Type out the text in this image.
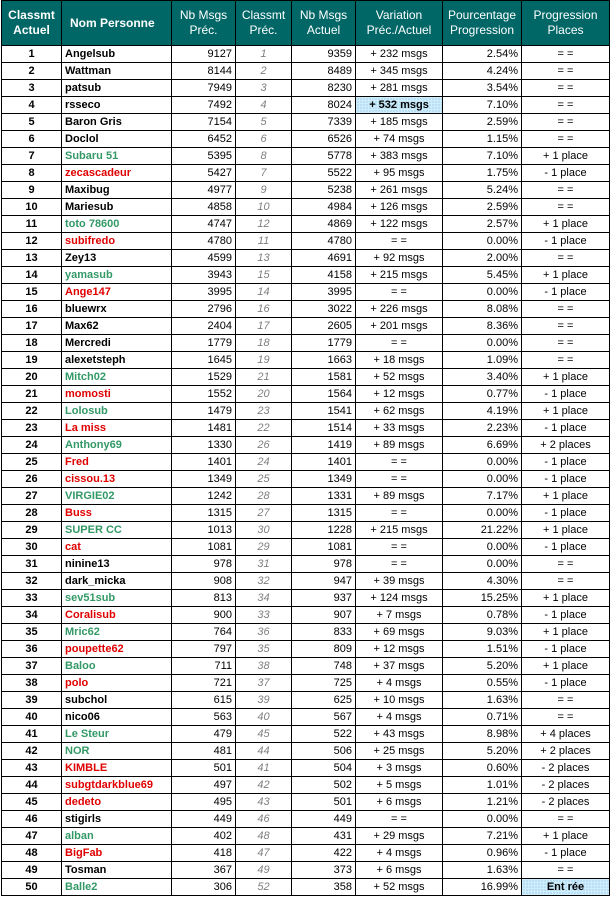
Classmt Actuel	Nom Personne	Nb Msgs Préc.	Classmt Préc.	Nb Msgs Actuel	Variation Préc./Actuel	Pourcentage Progression	Progression Places
1	Angelsub	9127	1	9359	+ 232 msgs	2.54%	= =
2	Wattman	8144	2	8489	+ 345 msgs	4.24%	= =
3	patsub	7949	3	8230	+ 281 msgs	3.54%	= =
4	rsseco	7492	4	8024	+ 532 msgs	7.10%	= =
5	Baron Gris	7154	5	7339	+ 185 msgs	2.59%	= =
6	Doclol	6452	6	6526	+ 74 msgs	1.15%	= =
7	Subaru 51	5395	8	5778	+ 383 msgs	7.10%	+ 1 place
8	zecascadeur	5427	7	5522	+ 95 msgs	1.75%	- 1 place
9	Maxibug	4977	9	5238	+ 261 msgs	5.24%	= =
10	Mariesub	4858	10	4984	+ 126 msgs	2.59%	= =
11	toto 78600	4747	12	4869	+ 122 msgs	2.57%	+ 1 place
12	subifredo	4780	11	4780	= =	0.00%	- 1 place
13	Zey13	4599	13	4691	+ 92 msgs	2.00%	= =
14	yamasub	3943	15	4158	+ 215 msgs	5.45%	+ 1 place
15	Ange147	3995	14	3995	= =	0.00%	- 1 place
16	bluewrx	2796	16	3022	+ 226 msgs	8.08%	= =
17	Max62	2404	17	2605	+ 201 msgs	8.36%	= =
18	Mercredi	1779	18	1779	= =	0.00%	= =
19	alexetsteph	1645	19	1663	+ 18 msgs	1.09%	= =
20	Mitch02	1529	21	1581	+ 52 msgs	3.40%	+ 1 place
21	momosti	1552	20	1564	+ 12 msgs	0.77%	- 1 place
22	Lolosub	1479	23	1541	+ 62 msgs	4.19%	+ 1 place
23	La miss	1481	22	1514	+ 33 msgs	2.23%	- 1 place
24	Anthony69	1330	26	1419	+ 89 msgs	6.69%	+ 2 places
25	Fred	1401	24	1401	= =	0.00%	- 1 place
26	cissou.13	1349	25	1349	= =	0.00%	- 1 place
27	VIRGIE02	1242	28	1331	+ 89 msgs	7.17%	+ 1 place
28	Buss	1315	27	1315	= =	0.00%	- 1 place
29	SUPER CC	1013	30	1228	+ 215 msgs	21.22%	+ 1 place
30	cat	1081	29	1081	= =	0.00%	- 1 place
31	ninine13	978	31	978	= =	0.00%	= =
32	dark_micka	908	32	947	+ 39 msgs	4.30%	= =
33	sev51sub	813	34	937	+ 124 msgs	15.25%	+ 1 place
34	Coralisub	900	33	907	+ 7 msgs	0.78%	- 1 place
35	Mric62	764	36	833	+ 69 msgs	9.03%	+ 1 place
36	poupette62	797	35	809	+ 12 msgs	1.51%	- 1 place
37	Baloo	711	38	748	+ 37 msgs	5.20%	+ 1 place
38	polo	721	37	725	+ 4 msgs	0.55%	- 1 place
39	subchol	615	39	625	+ 10 msgs	1.63%	= =
40	nico06	563	40	567	+ 4 msgs	0.71%	= =
41	Le Steur	479	45	522	+ 43 msgs	8.98%	+ 4 places
42	NOR	481	44	506	+ 25 msgs	5.20%	+ 2 places
43	KIMBLE	501	41	504	+ 3 msgs	0.60%	- 2 places
44	subgtdarkblue69	497	42	502	+ 5 msgs	1.01%	- 2 places
45	dedeto	495	43	501	+ 6 msgs	1.21%	- 2 places
46	stigirls	449	46	449	= =	0.00%	= =
47	alban	402	48	431	+ 29 msgs	7.21%	+ 1 place
48	BigFab	418	47	422	+ 4 msgs	0.96%	- 1 place
49	Tosman	367	49	373	+ 6 msgs	1.63%	= =
50	Balle2	306	52	358	+ 52 msgs	16.99%	Ent rée
